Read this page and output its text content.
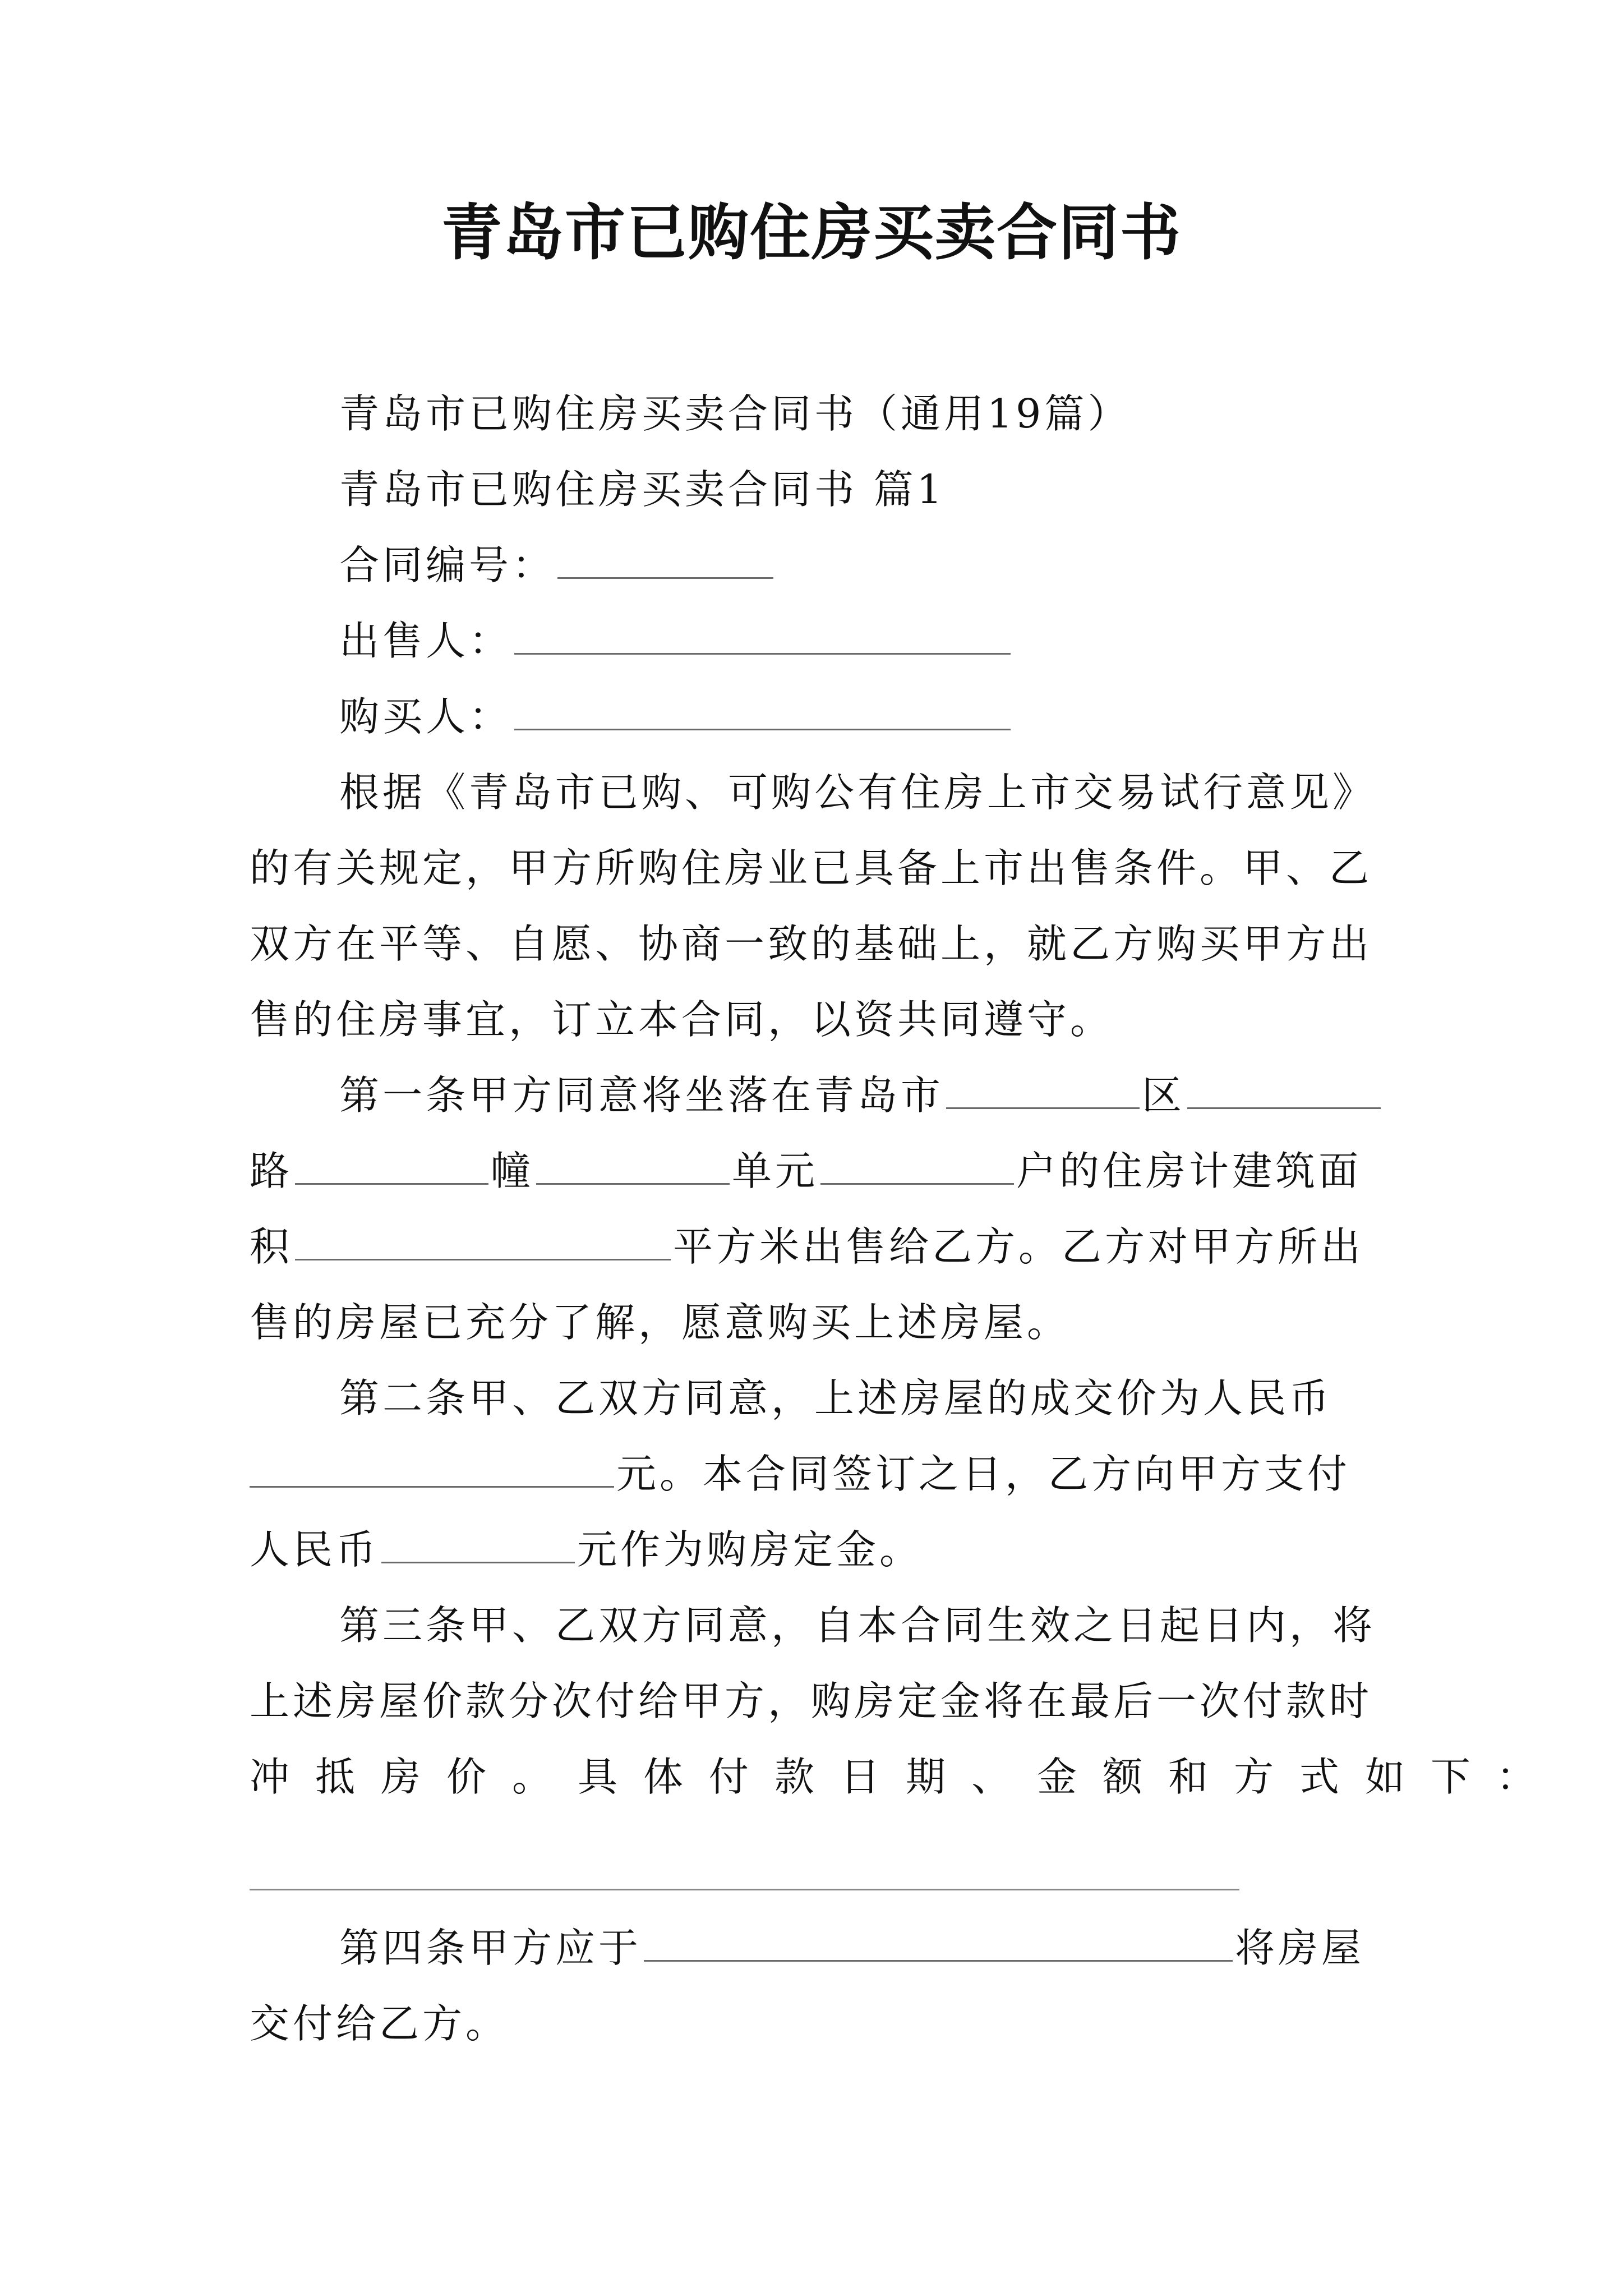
青岛市已购住房买卖合同书
青岛市已购住房买卖合同书（通用19篇）
青岛市已购住房买卖合同书 篇1
合同编号：
出售人：
购买人：
根据《青岛市已购、可购公有住房上市交易试行意见》
的有关规定，甲方所购住房业已具备上市出售条件。甲、乙
双方在平等、自愿、协商一致的基础上，就乙方购买甲方出
售的住房事宜，订立本合同，以资共同遵守。
第一条甲方同意将坐落在青岛市	区
路	幢	单元	户的住房计建筑面
积	平方米出售给乙方。乙方对甲方所出
售的房屋已充分了解，愿意购买上述房屋。
第二条甲、乙双方同意，上述房屋的成交价为人民币
元。本合同签订之日，乙方向甲方支付
人民币	元作为购房定金。
第三条甲、乙双方同意，自本合同生效之日起日内，将
上述房屋价款分次付给甲方，购房定金将在最后一次付款时
冲抵房价。具体付款日期、金额和方式如下：
第四条甲方应于	将房屋
交付给乙方。
